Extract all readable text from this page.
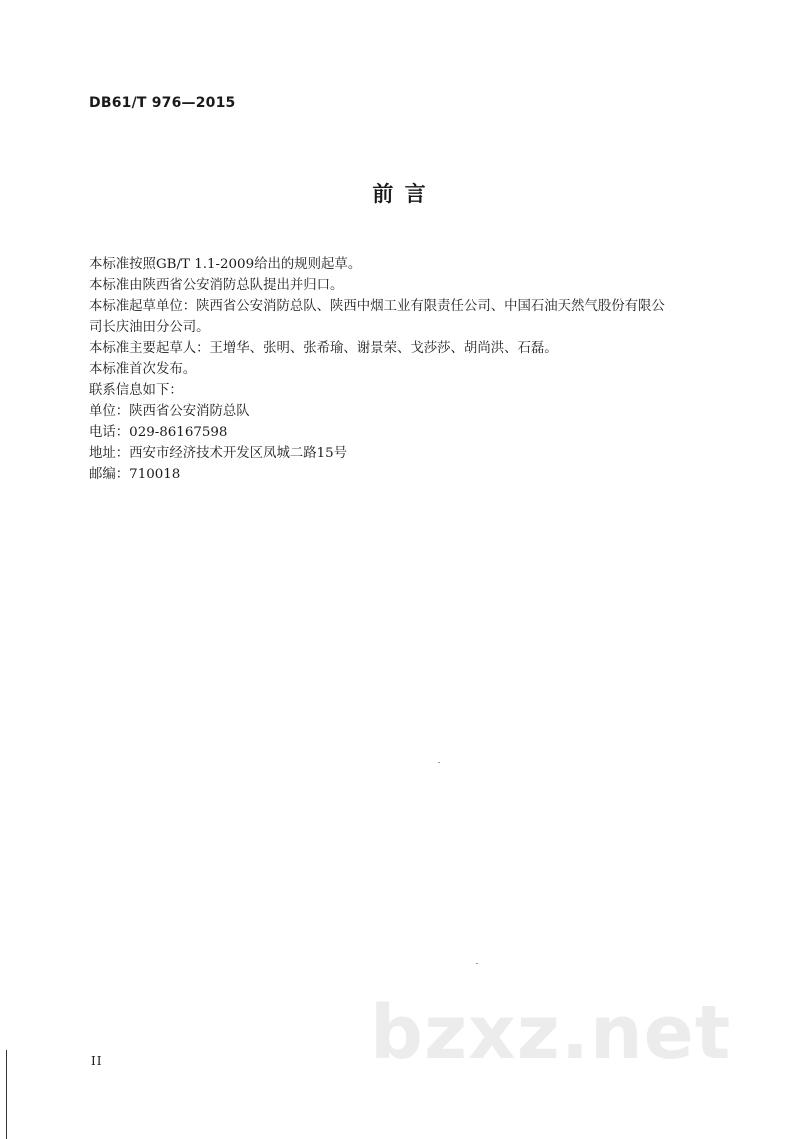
DB61/T 976—2015
前 言
本标准按照GB/T 1.1-2009给出的规则起草。
本标准由陕西省公安消防总队提出并归口。
本标准起草单位：陕西省公安消防总队、陕西中烟工业有限责任公司、中国石油天然气股份有限公
司长庆油田分公司。
本标准主要起草人：王增华、张明、张希瑜、谢景荣、戈莎莎、胡尚洪、石磊。
本标准首次发布。
联系信息如下：
单位：陕西省公安消防总队
电话：029-86167598
地址：西安市经济技术开发区凤城二路15号
邮编：710018
II	bzxz.net
